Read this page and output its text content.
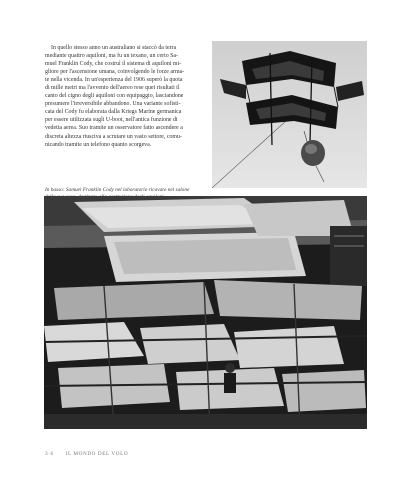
In quello stesso anno un australiano si staccò da terra
mediante quattro aquiloni, ma fu un texano, un certo Sa-
muel Franklin Cody, che costruì il sistema di aquiloni mi-
gliore per l'ascensione umana, coinvolgendo le forze arma-
te nella vicenda. In un'esperienza del 1906 superò la quota
di mille metri ma l'avvento dell'aereo rese quei risultati il
canto del cigno degli aquiloni con equipaggio, lasciandone
presumere l'irreversibile abbandono. Una variante sofisti-
cata del Cody fu elaborata dalla Kriegs Marine germanica
per essere utilizzata sugli U-boot, nell'antica funzione di
vedetta aerea. Suo tramite un osservatore fatto ascendere a
discreta altezza riusciva a scrutare un vasto settore, comu-
nicando tramite un telefono quanto scorgeva.

In basso: Samuel Franklin Cody nel laboratorio ricavato nel salone

3·6 IL MONDO DEL VOLO
